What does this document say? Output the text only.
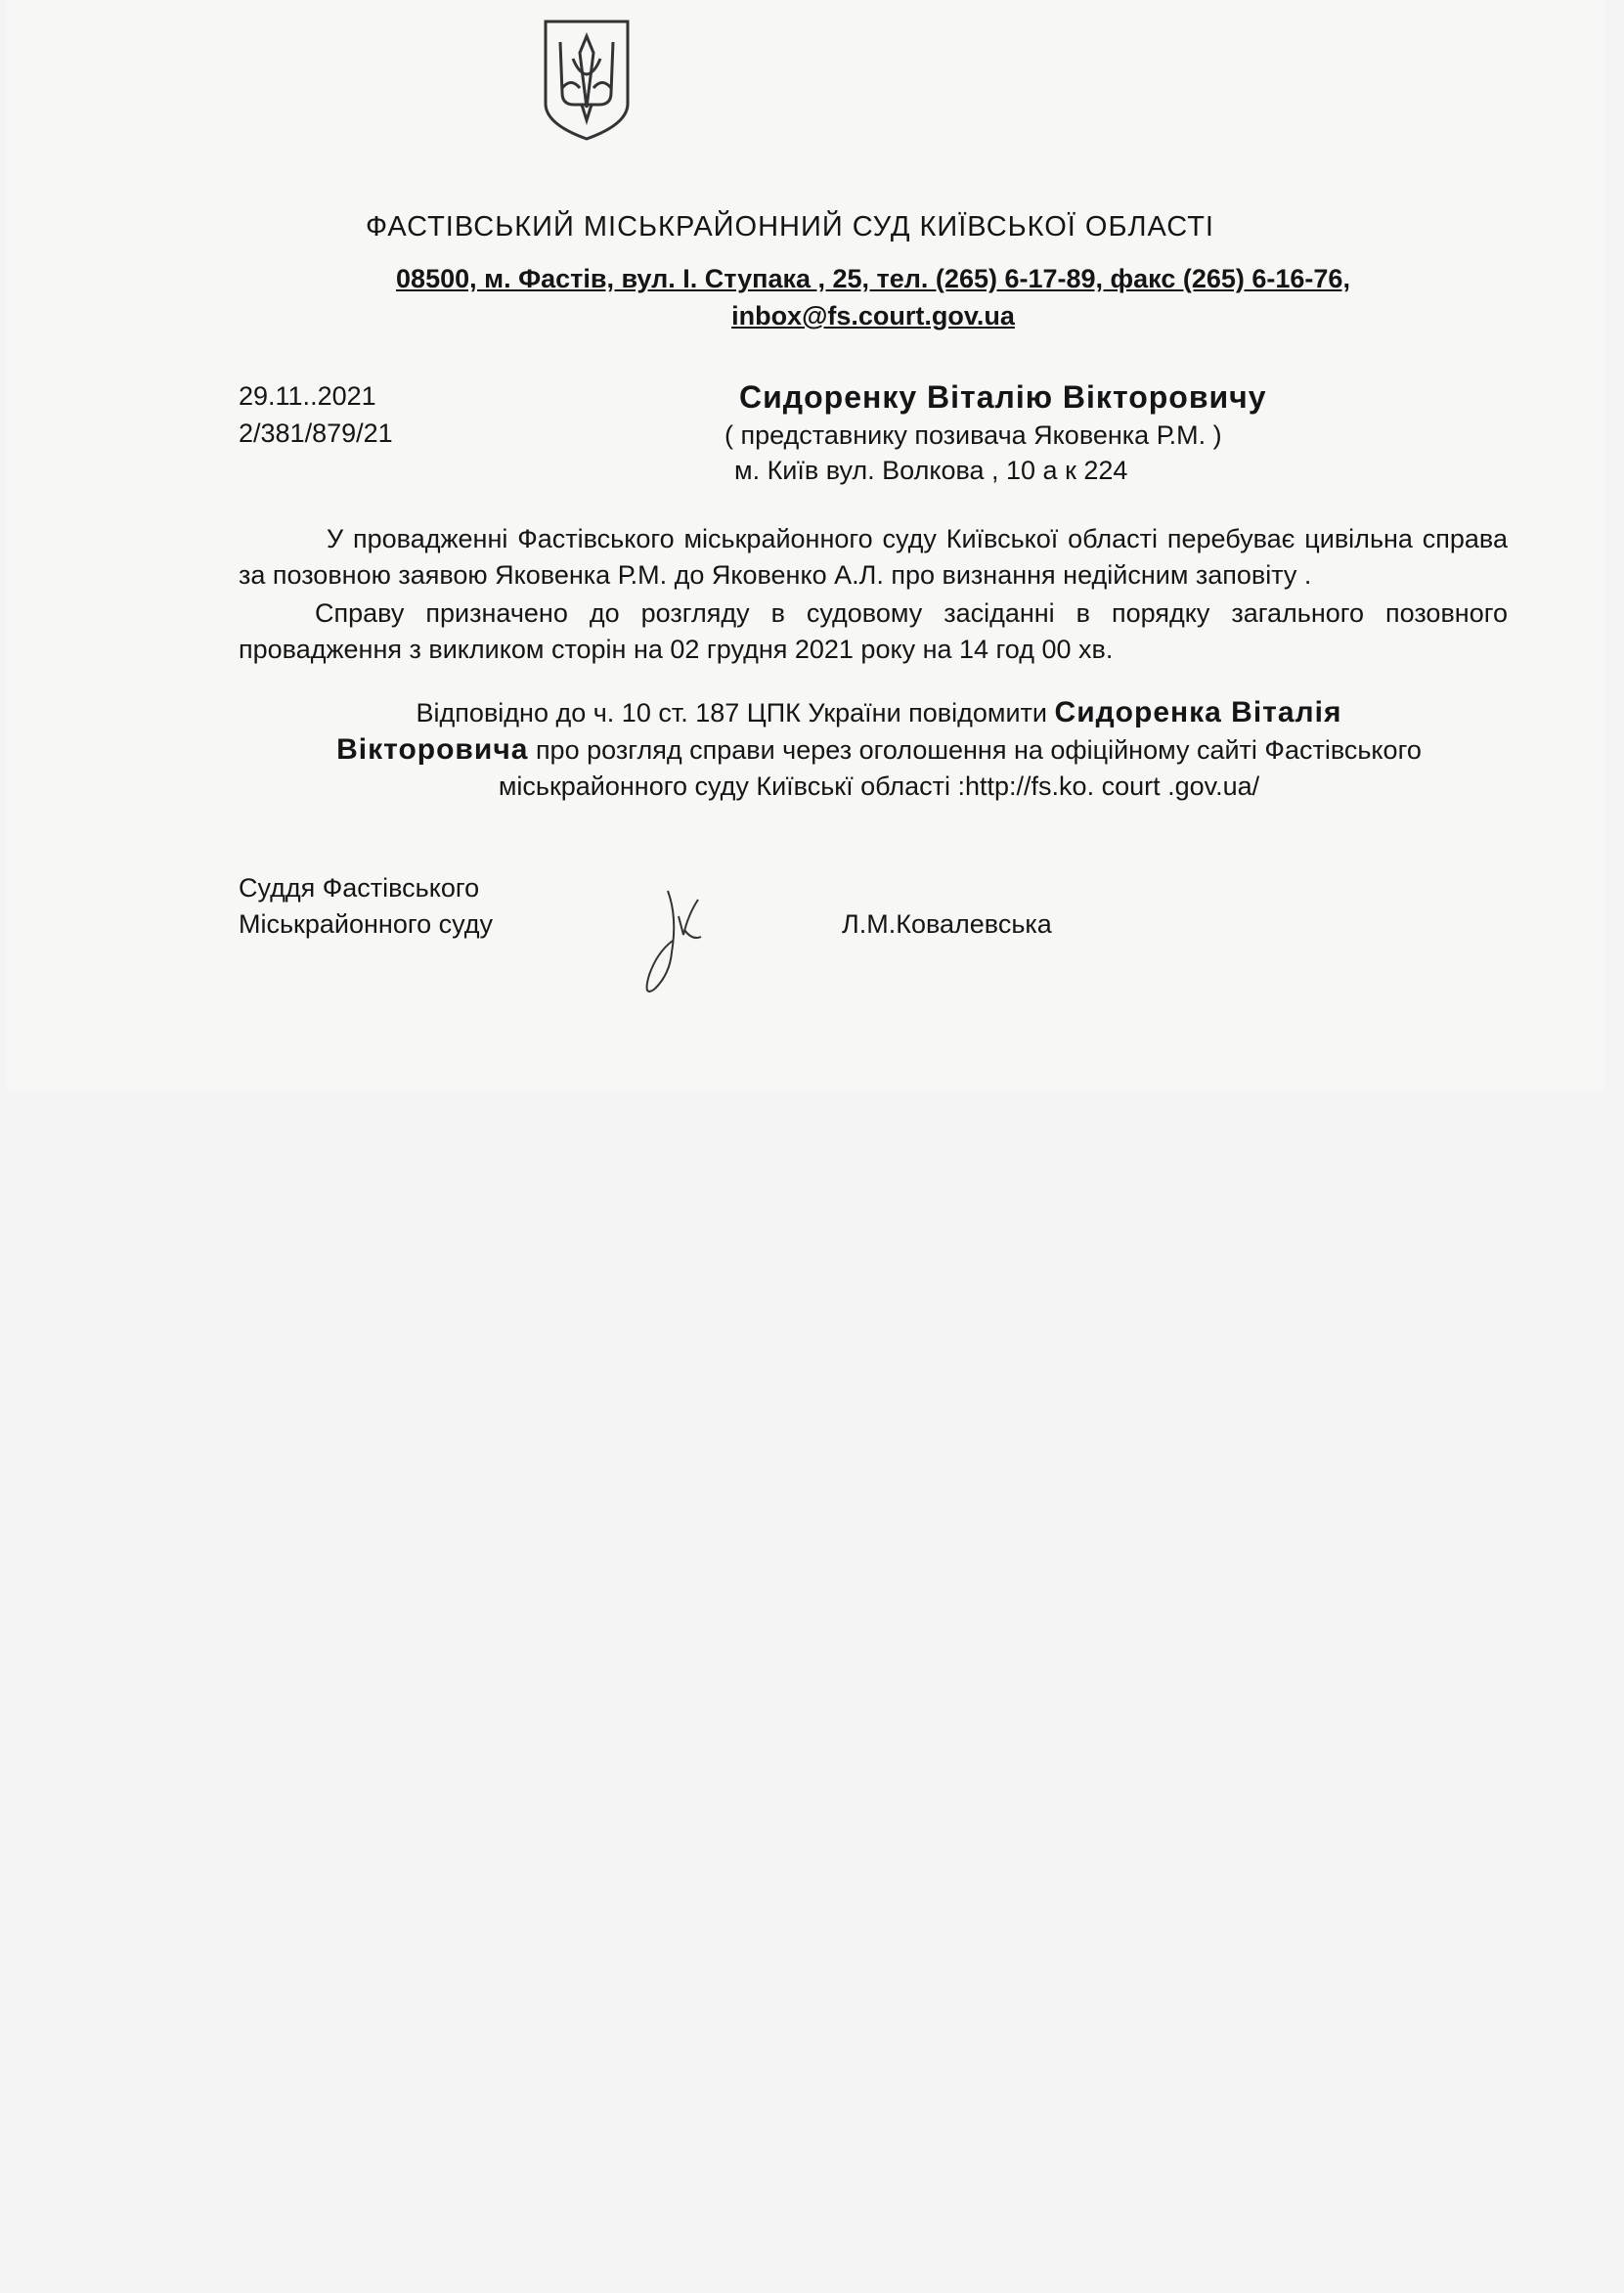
ФАСТІВСЬКИЙ МІСЬКРАЙОННИЙ СУД КИЇВСЬКОЇ ОБЛАСТІ
08500, м. Фастів, вул. І. Ступака , 25, тел. (265) 6-17-89, факс (265) 6-16-76,
inbox@fs.court.gov.ua
29.11..2021
2/381/879/21
Сидоренку Віталію Вікторовичу
( представнику позивача Яковенка Р.М. )
м. Київ вул. Волкова , 10 а к 224

У провадженні Фастівського міськрайонного суду Київської області перебуває цивільна справа за позовною заявою Яковенка Р.М. до Яковенко А.Л. про визнання недійсним заповіту .

Справу призначено до розгляду в судовому засіданні в порядку загального позовного провадження з викликом сторін на 02 грудня 2021 року на 14 год 00 хв.

Відповідно до ч. 10 ст. 187 ЦПК України повідомити Сидоренка Віталія Вікторовича про розгляд справи через оголошення на офіційному сайті Фастівського міськрайонного суду Київськї області :http://fs.ko. court .gov.ua/
Суддя Фастівського
Міськрайонного суду	Л.М.Ковалевська
